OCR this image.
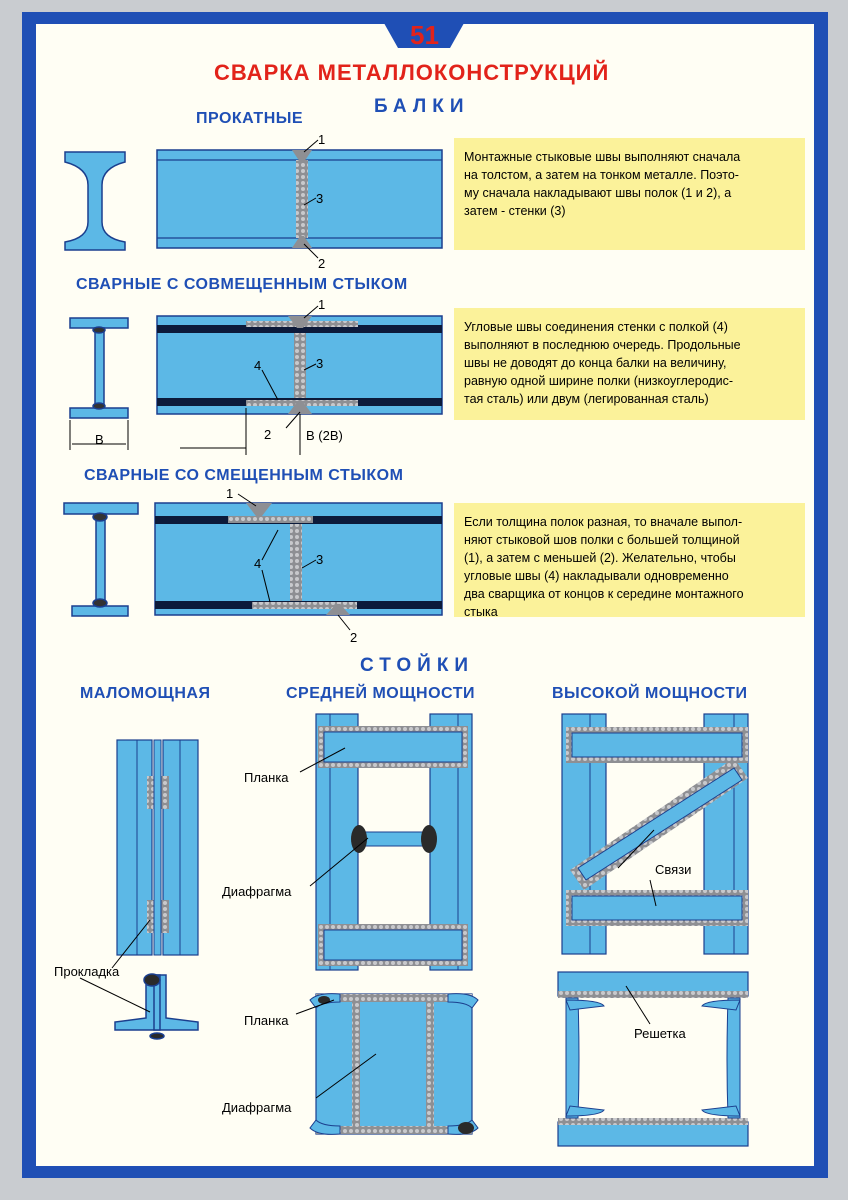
51

СВАРКА МЕТАЛЛОКОНСТРУКЦИЙ

БАЛКИ

ПРОКАТНЫЕ

Монтажные стыковые швы выполняют сначала
на толстом, а затем на тонком металле. Поэто-
му сначала накладывают швы полок (1 и 2), а
затем - стенки (3)

1

3

2

СВАРНЫЕ С СОВМЕЩЕННЫМ СТЫКОМ

Угловые швы соединения стенки с полкой (4)
выполняют в последнюю очередь. Продольные
швы не доводят до конца балки на величину,
равную одной ширине полки (низкоуглеродис-
тая сталь) или двум (легированная сталь)

1

4	3

2

B	B (2B)

СВАРНЫЕ СО СМЕЩЕННЫМ СТЫКОМ

Если толщина полок разная, то вначале выпол-
няют стыковой шов полки с большей толщиной
(1), а затем с меньшей (2). Желательно, чтобы
угловые швы (4) накладывали одновременно
два сварщика от концов к середине монтажного
стыка

1

4	3

2

СТОЙКИ

МАЛОМОЩНАЯ	СРЕДНЕЙ МОЩНОСТИ	ВЫСОКОЙ МОЩНОСТИ

Прокладка

Планка

Диафрагма

Планка

Диафрагма

Связи

Решетка
